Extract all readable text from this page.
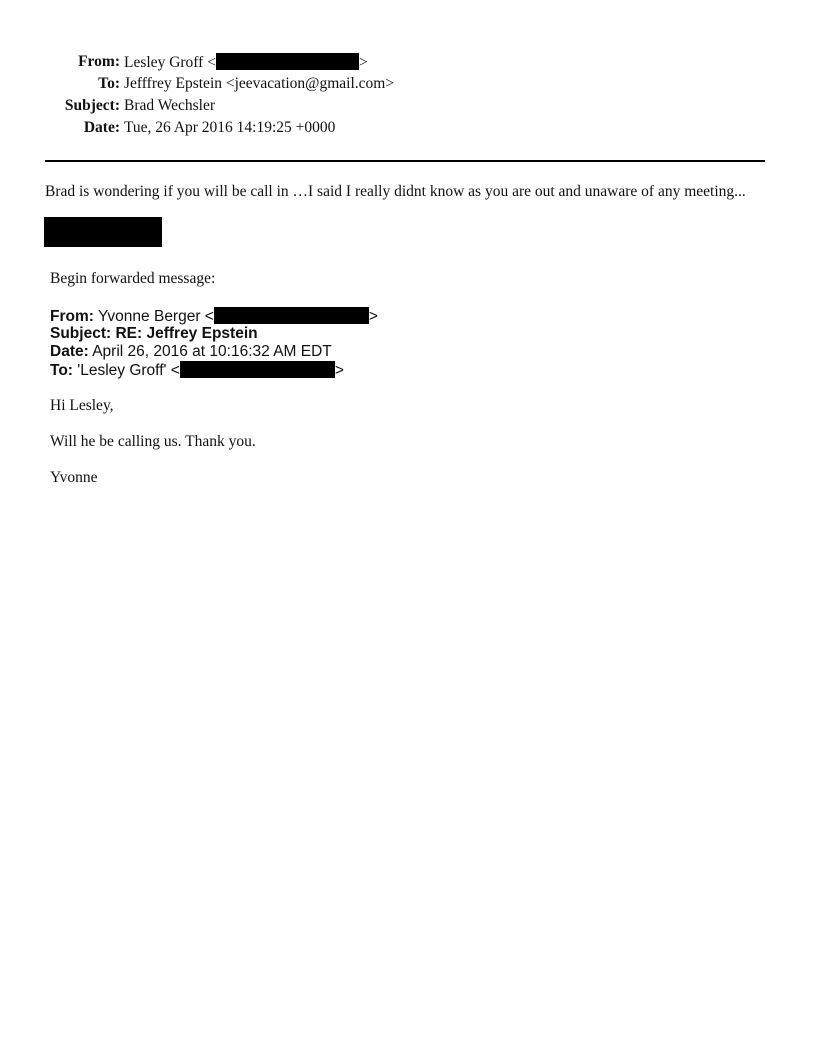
From: Lesley Groff <	>
To: Jefffrey Epstein <jeevacation@gmail.com>
Subject: Brad Wechsler
Date: Tue, 26 Apr 2016 14:19:25 +0000
Brad is wondering if you will be call in …I said I really didnt know as you are out and unaware of any meeting...
Begin forwarded message:
From: Yvonne Berger <	>
Subject: RE: Jeffrey Epstein
Date: April 26, 2016 at 10:16:32 AM EDT
To: 'Lesley Groff' <	>
Hi Lesley,
Will he be calling us. Thank you.
Yvonne
